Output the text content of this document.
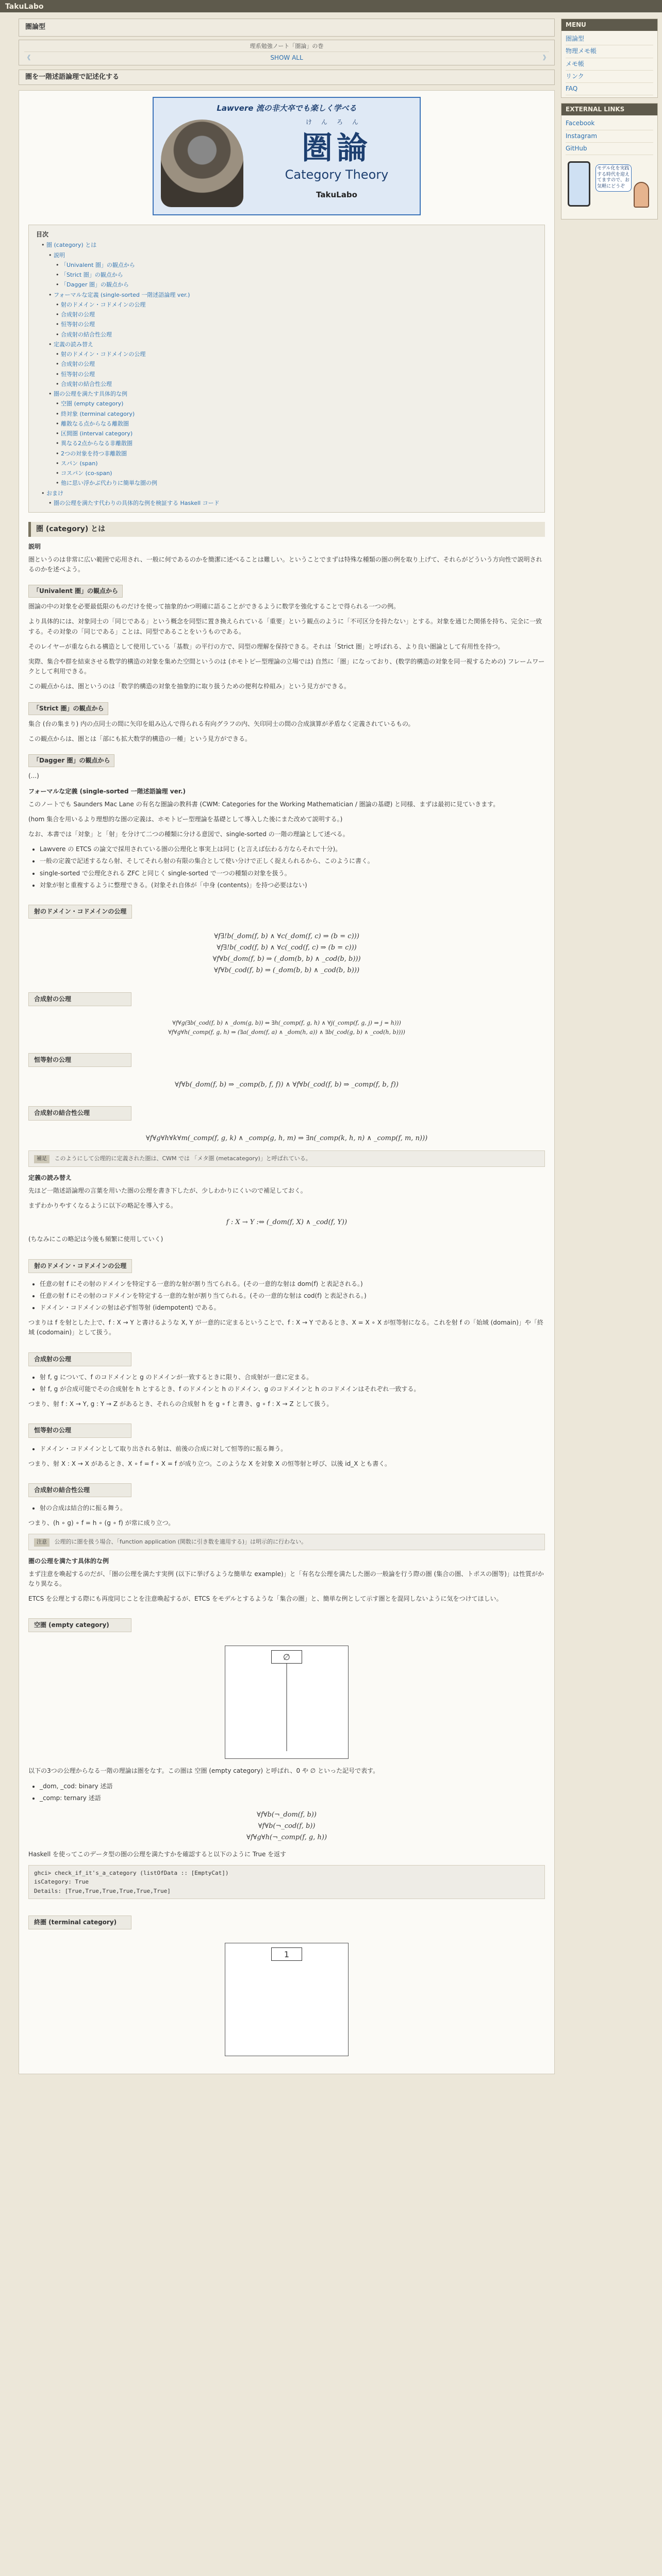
TakuLabo
圏論型
理系勉強ノート「圏論」の巻
《	SHOW ALL	》
圏を一階述語論理で記述化する
Lawvere 流の非大卒でも楽しく学べる
けんろん
圏論
Category Theory
TakuLabo
目次
• 圏 (category) とは
• 説明
• 「Univalent 圏」の観点から
• 「Strict 圏」の観点から
• 「Dagger 圏」の観点から
• フォーマルな定義 (single-sorted 一階述語論理 ver.)
• 射のドメイン・コドメインの公理
• 合成射の公理
• 恒等射の公理
• 合成射の結合性公理
• 定義の読み替え
• 射のドメイン・コドメインの公理
• 合成射の公理
• 恒等射の公理
• 合成射の結合性公理
• 圏の公理を満たす具体的な例
• 空圏 (empty category)
• 終対象 (terminal category)
• 離散なる点からなる離散圏
• 区間圏 (interval category)
• 異なる2点からなる非離散圏
• 2つの対象を持つ非離散圏
• スパン (span)
• コスパン (co-span)
• 他に思い浮かぶ代わりに簡単な圏の例
• おまけ
• 圏の公理を満たす代わりの具体的な例を検証する Haskell コード
圏 (category) とは
説明

圏というのは非常に広い範囲で応用され、一般に何であるのかを簡潔に述べることは難しい。ということでまずは特殊な種類の圏の例を取り上げて、それらがどういう方向性で説明されるのかを述べよう。

「Univalent 圏」の観点から

圏論の中の対象を必要最低限のものだけを使って抽象的かつ明確に語ることができるように数学を強化することで得られる一つの例。

より具体的には、対象同士の「同じである」という概念を同型に置き換えられている「重要」という観点のように「不可区分を持たない」とする。対象を通じた関係を持ち、完全に一致する。その対象の「同じである」ことは、同型であることをいうものである。

そのレイヤーが重なられる構造として使用している「基数」の平行の方で、同型の理解を保持できる。それは「Strict 圏」と呼ばれる、より良い圏論として有用性を持つ。

実際、集合や群を結束させる数学的構造の対象を集めた空間というのは (ホモトピー型理論の立場では) 自然に「圏」になっており、(数学的構造の対象を同一視するための) フレームワークとして利用できる。

この観点からは、圏というのは「数学的構造の対象を抽象的に取り扱うための便利な枠組み」という見方ができる。

「Strict 圏」の観点から

集合 (台の集まり) 内の点同士の間に矢印を組み込んで得られる有向グラフの内、矢印同士の間の合成演算が矛盾なく定義されているもの。

この観点からは、圏とは「部にも拡大数学的構造の一種」という見方ができる。

「Dagger 圏」の観点から

(...)

フォーマルな定義 (single-sorted 一階述語論理 ver.)

このノートでも Saunders Mac Lane の有名な圏論の教科書 (CWM: Categories for the Working Mathematician / 圏論の基礎) と同様、まずは最初に見ていきます。

(hom 集合を用いるより理想的な圏の定義は、ホモトピー型理論を基礎として導入した後にまた改めて説明する。)

なお、本書では「対象」と「射」を分けて二つの種類に分ける意図で、single-sorted の一階の理論として述べる。

• Lawvere の ETCS の論文で採用されている圏の公理化と事実上は同じ (と言えば伝わる方ならそれで十分)。
• 一般の定義で記述するなら射、そしてそれら射の有限の集合として使い分けで正しく捉えられるから、このように書く。
• single-sorted で公理化される ZFC と同じく single-sorted で一つの種類の対象を扱う。
• 対象が射と重複するように整理できる。(対象それ自体が「中身 (contents)」を持つ必要はない)
射のドメイン・コドメインの公理
∀f∃!b(_dom(f, b) ∧ ∀c(_dom(f, c) ⇒ (b = c)))
∀f∃!b(_cod(f, b) ∧ ∀c(_cod(f, c) ⇒ (b = c)))
∀f∀b(_dom(f, b) ⇒ (_dom(b, b) ∧ _cod(b, b)))
∀f∀b(_cod(f, b) ⇒ (_dom(b, b) ∧ _cod(b, b)))
合成射の公理
∀f∀g(∃b(_cod(f, b) ∧ _dom(g, b)) ⇔ ∃h(_comp(f, g, h) ∧ ∀j(_comp(f, g, j) ⇒ j = h)))
∀f∀g∀h(_comp(f, g, h) ⇒ (∃a(_dom(f, a) ∧ _dom(h, a)) ∧ ∃b(_cod(g, b) ∧ _cod(h, b))))
恒等射の公理
∀f∀b(_dom(f, b) ⇒ _comp(b, f, f)) ∧ ∀f∀b(_cod(f, b) ⇒ _comp(f, b, f))
合成射の結合性公理
∀f∀g∀h∀k∀m(_comp(f, g, k) ∧ _comp(g, h, m) ⇒ ∃n(_comp(k, h, n) ∧ _comp(f, m, n)))
補足 このようにして公理的に定義された圏は、CWM では 「メタ圏 (metacategory)」と呼ばれている。
定義の読み替え

先ほど一階述語論理の言葉を用いた圏の公理を書き下したが、少しわかりにくいので補足しておく。

まずわかりやすくなるように以下の略記を導入する。

f : X → Y :⇔ (_dom(f, X) ∧ _cod(f, Y))

(ちなみにこの略記は今後も頻繁に使用していく)

射のドメイン・コドメインの公理
• 任意の射 f にその射のドメインを特定する一意的な射が割り当てられる。(その一意的な射は dom(f) と表記される。)
• 任意の射 f にその射のコドメインを特定する一意的な射が割り当てられる。(その一意的な射は cod(f) と表記される。)
• ドメイン・コドメインの射は必ず恒等射 (idempotent) である。

つまりは f を射とした上で、f : X → Y と書けるような X, Y が一意的に定まるということで、f : X → Y であるとき、X = X ∘ X が恒等射になる。これを射 f の「始域 (domain)」や「終域 (codomain)」として扱う。

合成射の公理
• 射 f, g について、f のコドメインと g のドメインが一致するときに限り、合成射が一意に定まる。
• 射 f, g が合成可能でその合成射を h とするとき、f のドメインと h のドメイン、g のコドメインと h のコドメインはそれぞれ一致する。

つまり、射 f : X → Y, g : Y → Z があるとき、それらの合成射 h を g ∘ f と書き、g ∘ f : X → Z として扱う。

恒等射の公理
• ドメイン・コドメインとして取り出される射は、前後の合成に対して恒等的に振る舞う。

つまり、射 X : X → X があるとき、X ∘ f = f ∘ X = f が成り立つ。このような X を対象 X の恒等射と呼び、以後 id_X とも書く。

合成射の結合性公理
• 射の合成は結合的に振る舞う。

つまり、(h ∘ g) ∘ f = h ∘ (g ∘ f) が常に成り立つ。

注意 公理的に圏を扱う場合、「function application (関数に引き数を適用する)」は明示的に行わない。
圏の公理を満たす具体的な例

まず注意を喚起するのだが、「圏の公理を満たす実例 (以下に挙げるような簡単な example)」と「有名な公理を満たした圏の一般論を行う際の圏 (集合の圏、トポスの圏等)」は性質がかなり異なる。

ETCS を公理とする際にも再度同じことを注意喚起するが、ETCS をモデルとするような「集合の圏」と、簡単な例として示す圏とを混同しないように気をつけてほしい。

空圏 (empty category)
∅

以下の3つの公理からなる一階の理論は圏をなす。この圏は 空圏 (empty category) と呼ばれ、0 や ∅ といった記号で表す。

• _dom, _cod: binary 述語
• _comp: ternary 述語
∀f∀b(¬_dom(f, b))
∀f∀b(¬_cod(f, b))
∀f∀g∀h(¬_comp(f, g, h))

Haskell を使ってこのデータ型の圏の公理を満たすかを確認すると以下のように True を返す

ghci> check_if_it's_a_category (listOfData :: [EmptyCat])
isCategory: True
Details: [True,True,True,True,True,True]
終圏 (terminal category)
1
MENU
圏論型
物理メモ帳
メモ帳
リンク
FAQ
EXTERNAL LINKS
Facebook
Instagram
GitHub
モデル化を実践する時代を迎えてますので、お気軽にどうぞ
